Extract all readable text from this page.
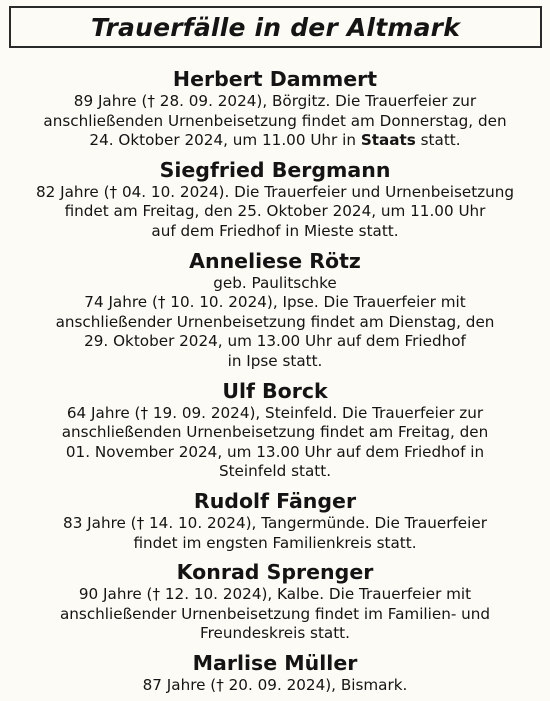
Trauerfälle in der Altmark
Herbert Dammert
89 Jahre († 28. 09. 2024), Börgitz. Die Trauerfeier zur
anschließenden Urnenbeisetzung findet am Donnerstag, den
24. Oktober 2024, um 11.00 Uhr in Staats statt.
Siegfried Bergmann
82 Jahre († 04. 10. 2024). Die Trauerfeier und Urnenbeisetzung
findet am Freitag, den 25. Oktober 2024, um 11.00 Uhr
auf dem Friedhof in Mieste statt.
Anneliese Rötz
geb. Paulitschke
74 Jahre († 10. 10. 2024), Ipse. Die Trauerfeier mit
anschließender Urnenbeisetzung findet am Dienstag, den
29. Oktober 2024, um 13.00 Uhr auf dem Friedhof
in Ipse statt.
Ulf Borck
64 Jahre († 19. 09. 2024), Steinfeld. Die Trauerfeier zur
anschließenden Urnenbeisetzung findet am Freitag, den
01. November 2024, um 13.00 Uhr auf dem Friedhof in
Steinfeld statt.
Rudolf Fänger
83 Jahre († 14. 10. 2024), Tangermünde. Die Trauerfeier
findet im engsten Familienkreis statt.
Konrad Sprenger
90 Jahre († 12. 10. 2024), Kalbe. Die Trauerfeier mit
anschließender Urnenbeisetzung findet im Familien- und
Freundeskreis statt.
Marlise Müller
87 Jahre († 20. 09. 2024), Bismark.
